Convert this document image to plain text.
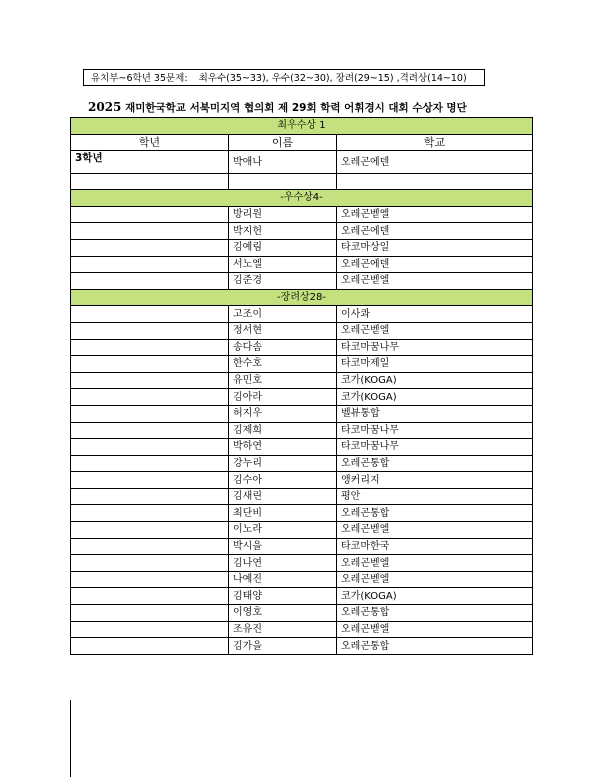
유치부~6학년 35문제: 최우수(35~33), 우수(32~30), 장려(29~15) ,격려상(14~10)
2025 재미한국학교 서북미지역 협의회 제 29회 학력 어휘경시 대회 수상자 명단
최우수상 1		
학년	이름	학교
3학년	박애나	오레곤에덴

-우수상4-		
	방리원	오레곤벧엘
	박지헌	오레곤에덴
	김예림	타코마상일
	서노엘	오레곤에덴
	김준경	오레곤벧엘
-장려상28-		
	고조이	이사콰
	정서현	오레곤벧엘
	송다솜	타코마꿈나무
	한수호	타코마제일
	유민호	코가(KOGA)
	김아라	코가(KOGA)
	허지우	벨뷰통합
	김제희	타코마꿈나무
	박하연	타코마꿈나무
	강누리	오레곤통합
	김수아	앵커리지
	김새린	평안
	최단비	오레곤통합
	이노라	오레곤벧엘
	박시을	타코마한국
	김나연	오레곤벧엘
	나예진	오레곤벧엘
	김태양	코가(KOGA)
	이영호	오레곤통합
	조유진	오레곤벧엘
	김가을	오레곤통합
